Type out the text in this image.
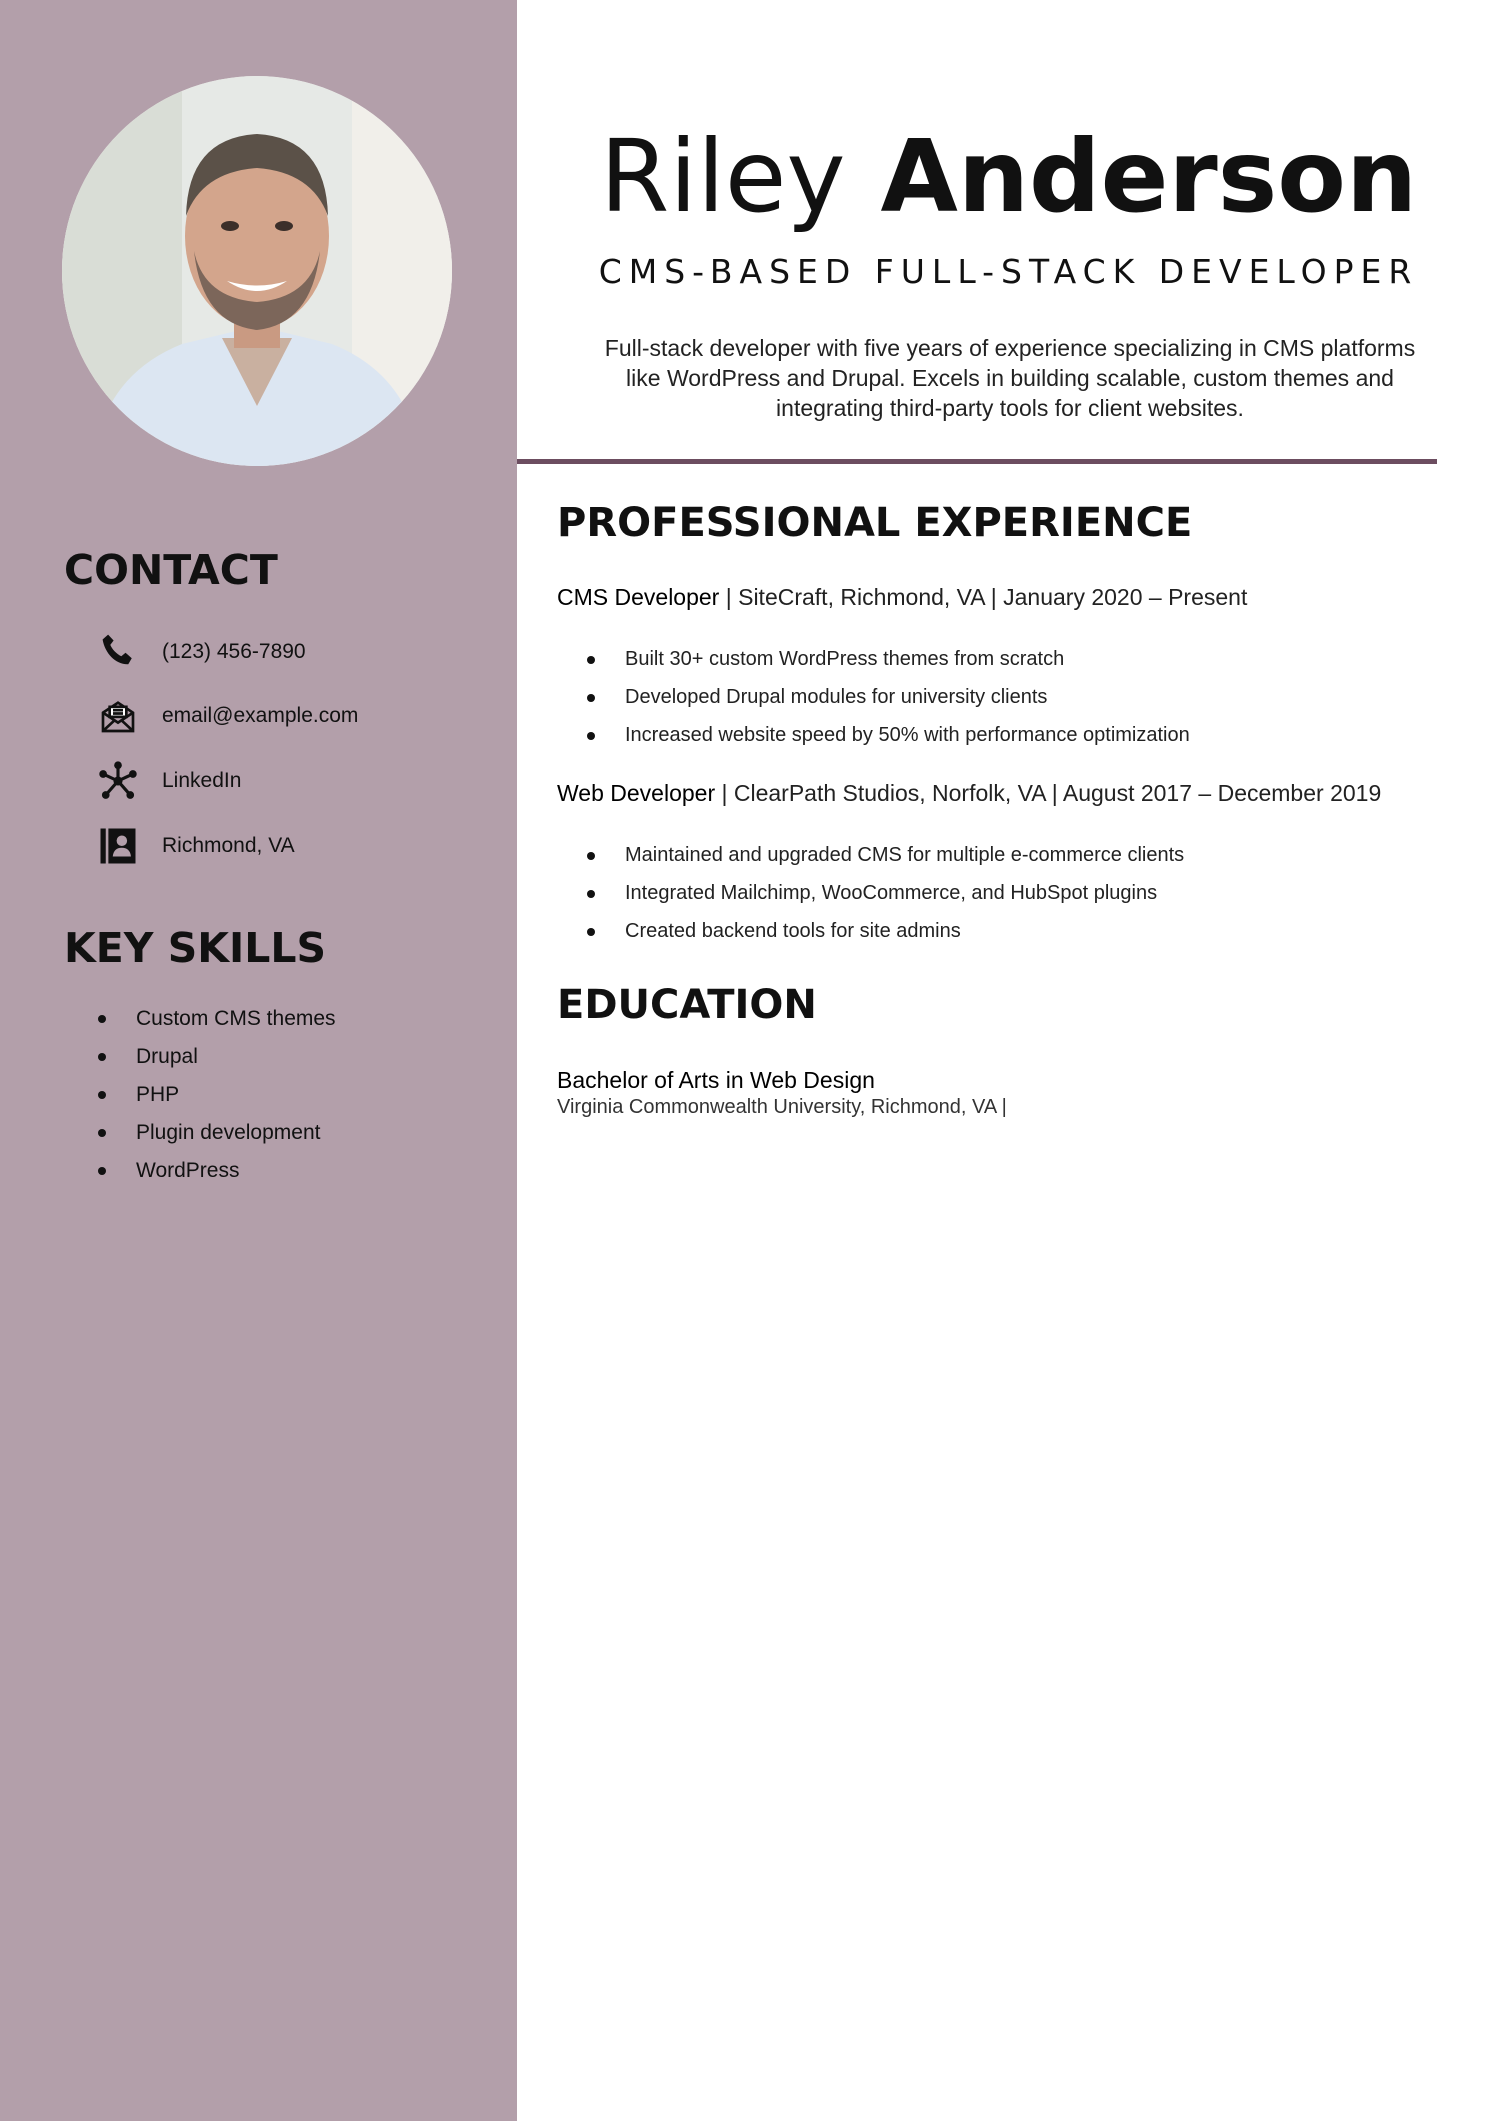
CONTACT
(123) 456-7890
email@example.com
LinkedIn
Richmond, VA
KEY SKILLS
Custom CMS themes
Drupal
PHP
Plugin development
WordPress
Riley Anderson

CMS-BASED FULL-STACK DEVELOPER

Full-stack developer with five years of experience specializing in CMS platforms like WordPress and Drupal. Excels in building scalable, custom themes and integrating third-party tools for client websites.

PROFESSIONAL EXPERIENCE

CMS Developer | SiteCraft, Richmond, VA | January 2020 – Present

Built 30+ custom WordPress themes from scratch
Developed Drupal modules for university clients
Increased website speed by 50% with performance optimization

Web Developer | ClearPath Studios, Norfolk, VA | August 2017 – December 2019

Maintained and upgraded CMS for multiple e-commerce clients
Integrated Mailchimp, WooCommerce, and HubSpot plugins
Created backend tools for site admins
EDUCATION

Bachelor of Arts in Web Design

Virginia Commonwealth University, Richmond, VA |
